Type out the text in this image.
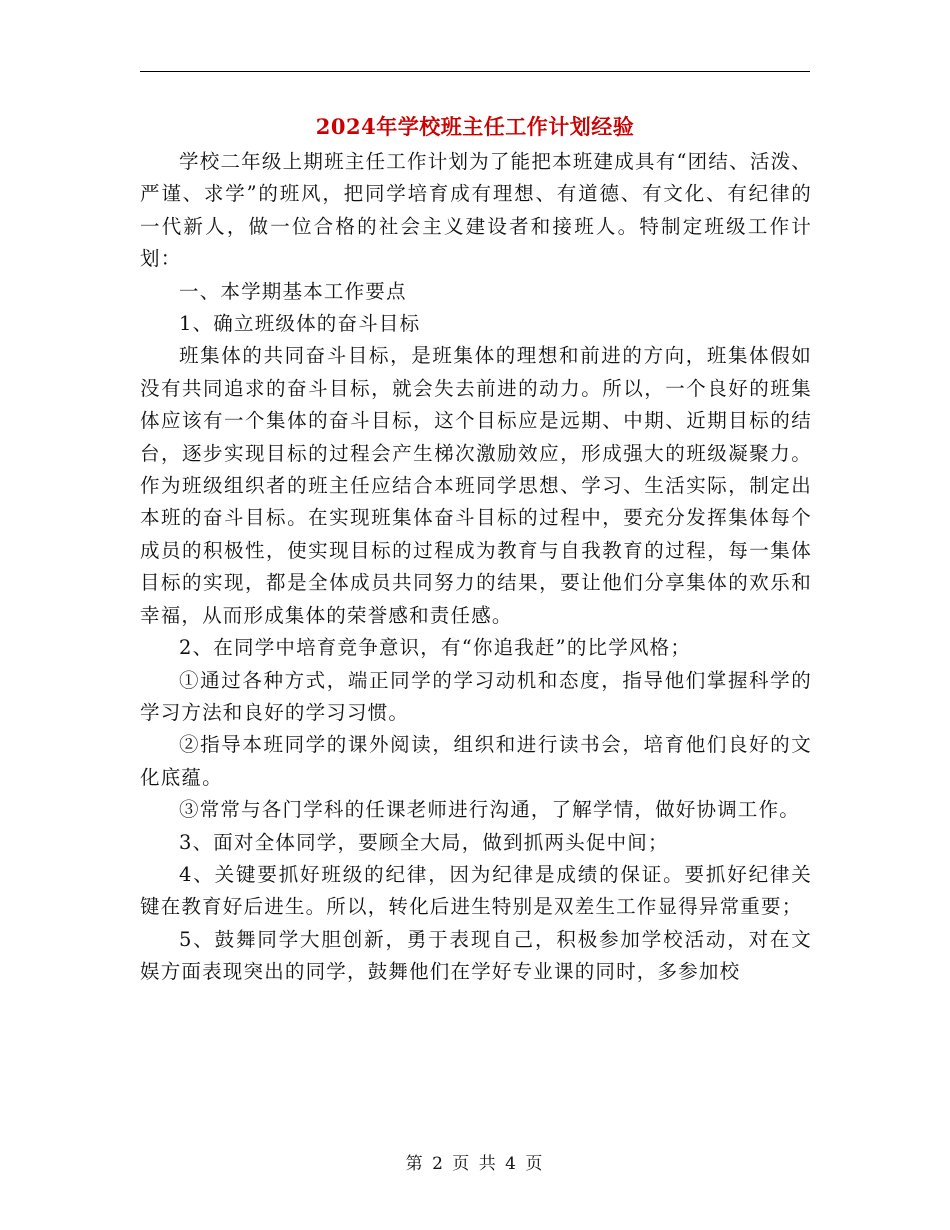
2024年学校班主任工作计划经验

学校二年级上期班主任工作计划为了能把本班建成具有“团结、活泼、严谨、求学”的班风，把同学培育成有理想、有道德、有文化、有纪律的一代新人，做一位合格的社会主义建设者和接班人。特制定班级工作计划：

一、本学期基本工作要点

1、确立班级体的奋斗目标

班集体的共同奋斗目标，是班集体的理想和前进的方向，班集体假如没有共同追求的奋斗目标，就会失去前进的动力。所以，一个良好的班集体应该有一个集体的奋斗目标，这个目标应是远期、中期、近期目标的结台，逐步实现目标的过程会产生梯次激励效应，形成强大的班级凝聚力。作为班级组织者的班主任应结合本班同学思想、学习、生活实际，制定出本班的奋斗目标。在实现班集体奋斗目标的过程中，要充分发挥集体每个成员的积极性，使实现目标的过程成为教育与自我教育的过程，每一集体目标的实现，都是全体成员共同努力的结果，要让他们分享集体的欢乐和幸福，从而形成集体的荣誉感和责任感。

2、在同学中培育竞争意识，有“你追我赶”的比学风格；

①通过各种方式，端正同学的学习动机和态度，指导他们掌握科学的学习方法和良好的学习习惯。

②指导本班同学的课外阅读，组织和进行读书会，培育他们良好的文化底蕴。

③常常与各门学科的任课老师进行沟通，了解学情，做好协调工作。

3、面对全体同学，要顾全大局，做到抓两头促中间；

4、关键要抓好班级的纪律，因为纪律是成绩的保证。要抓好纪律关键在教育好后进生。所以，转化后进生特别是双差生工作显得异常重要；

5、鼓舞同学大胆创新，勇于表现自己，积极参加学校活动，对在文娱方面表现突出的同学，鼓舞他们在学好专业课的同时，多参加校

第 2 页 共 4 页
